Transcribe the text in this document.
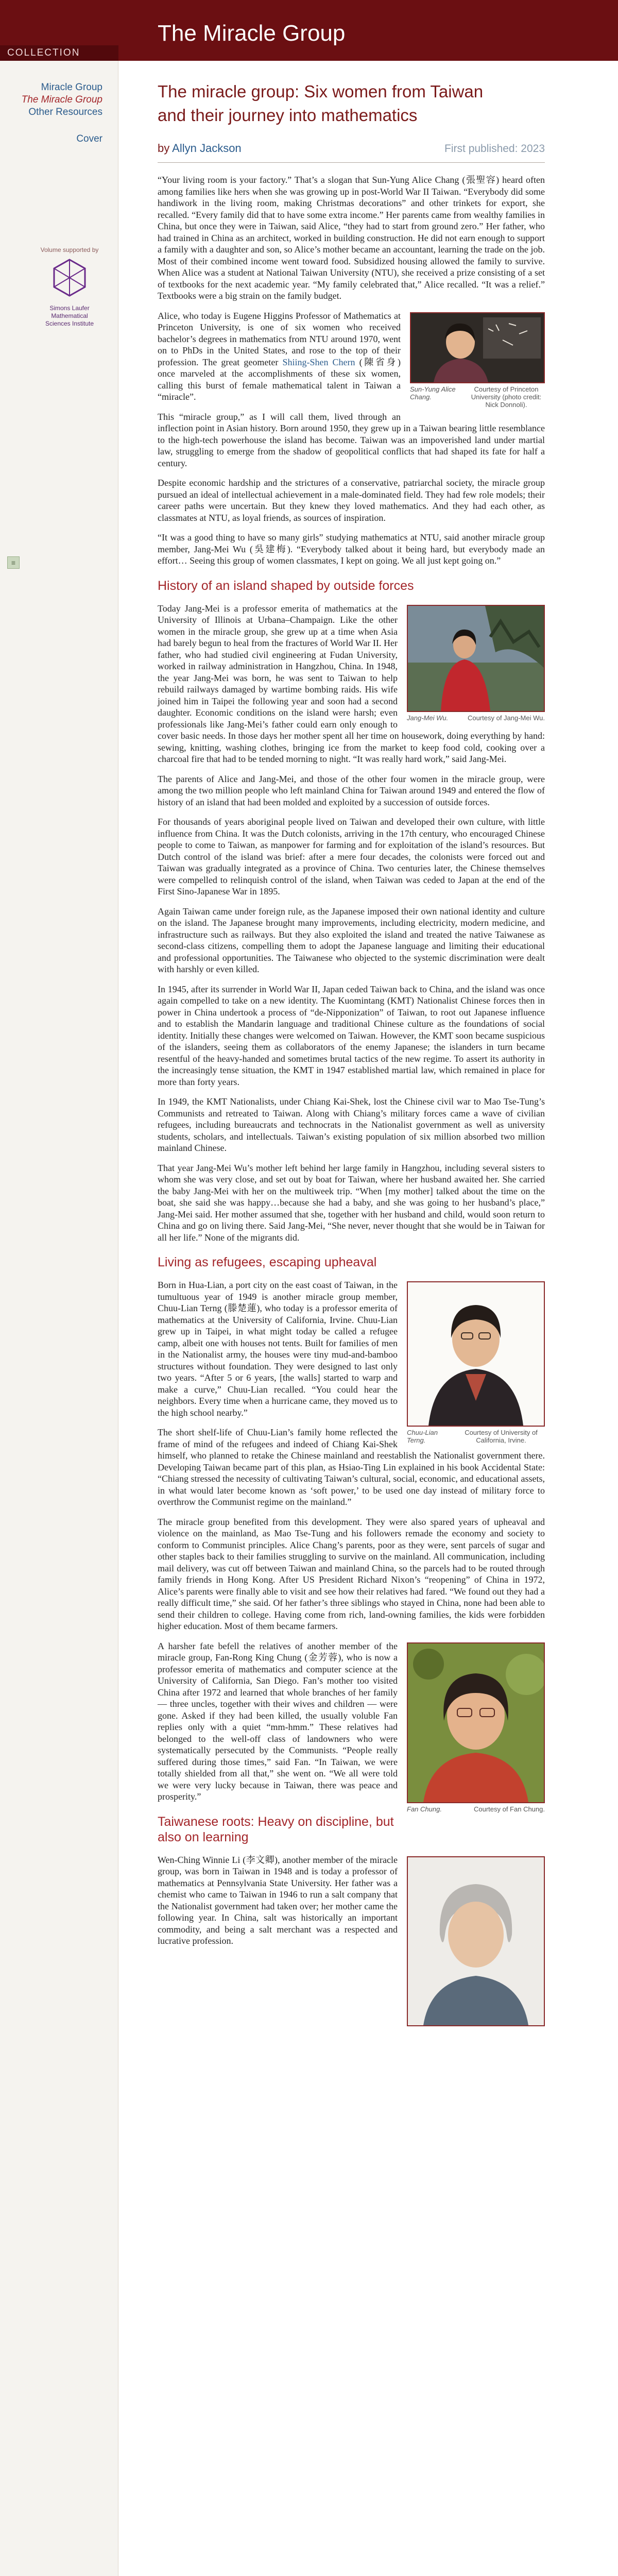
COLLECTION
The Miracle Group
Miracle Group
The Miracle Group
Other Resources
Cover
Volume supported by
Simons Laufer
Mathematical
Sciences Institute
≡
The miracle group: Six women from Taiwan
and their journey into mathematics
by Allyn Jackson	First published: 2023

“Your living room is your factory.” That’s a slogan that Sun-Yung Alice Chang (張聖容) heard often among families like hers when she was growing up in post-World War II Taiwan. “Everybody did some handiwork in the living room, making Christmas decorations” and other trinkets for export, she recalled. “Every family did that to have some extra income.” Her parents came from wealthy families in China, but once they were in Taiwan, said Alice, “they had to start from ground zero.” Her father, who had trained in China as an architect, worked in building construction. He did not earn enough to support a family with a daughter and son, so Alice’s mother became an accountant, learning the trade on the job. Most of their combined income went toward food. Subsidized housing allowed the family to survive. When Alice was a student at National Taiwan University (NTU), she received a prize consisting of a set of textbooks for the next academic year. “My family celebrated that,” Alice recalled. “It was a relief.” Textbooks were a big strain on the family budget.

Sun-Yung Alice Chang.
Courtesy of Princeton University (photo credit: Nick Donnoli).

Alice, who today is Eugene Higgins Professor of Mathematics at Princeton University, is one of six women who received bachelor’s degrees in mathematics from NTU around 1970, went on to PhDs in the United States, and rose to the top of their profession. The great geometer Shiing-Shen Chern (陳省身) once marveled at the accomplishments of these six women, calling this burst of female mathematical talent in Taiwan a “miracle”.

This “miracle group,” as I will call them, lived through an inflection point in Asian history. Born around 1950, they grew up in a Taiwan bearing little resemblance to the high-tech powerhouse the island has become. Taiwan was an impoverished land under martial law, struggling to emerge from the shadow of geopolitical conflicts that had shaped its fate for half a century.

Despite economic hardship and the strictures of a conservative, patriarchal society, the miracle group pursued an ideal of intellectual achievement in a male-dominated field. They had few role models; their career paths were uncertain. But they knew they loved mathematics. And they had each other, as classmates at NTU, as loyal friends, as sources of inspiration.

“It was a good thing to have so many girls” studying mathematics at NTU, said another miracle group member, Jang-Mei Wu (吳建梅). “Everybody talked about it being hard, but everybody made an effort… Seeing this group of women classmates, I kept on going. We all just kept going on.”

History of an island shaped by outside forces
Jang-Mei Wu.	Courtesy of Jang-Mei Wu.

Today Jang-Mei is a professor emerita of mathematics at the University of Illinois at Urbana–Champaign. Like the other women in the miracle group, she grew up at a time when Asia had barely begun to heal from the fractures of World War II. Her father, who had studied civil engineering at Fudan University, worked in railway administration in Hangzhou, China. In 1948, the year Jang-Mei was born, he was sent to Taiwan to help rebuild railways damaged by wartime bombing raids. His wife joined him in Taipei the following year and soon had a second daughter. Economic conditions on the island were harsh; even professionals like Jang-Mei’s father could earn only enough to cover basic needs. In those days her mother spent all her time on housework, doing everything by hand: sewing, knitting, washing clothes, bringing ice from the market to keep food cold, cooking over a charcoal fire that had to be tended morning to night. “It was really hard work,” said Jang-Mei.

The parents of Alice and Jang-Mei, and those of the other four women in the miracle group, were among the two million people who left mainland China for Taiwan around 1949 and entered the flow of history of an island that had been molded and exploited by a succession of outside forces.

For thousands of years aboriginal people lived on Taiwan and developed their own culture, with little influence from China. It was the Dutch colonists, arriving in the 17th century, who encouraged Chinese people to come to Taiwan, as manpower for farming and for exploitation of the island’s resources. But Dutch control of the island was brief: after a mere four decades, the colonists were forced out and Taiwan was gradually integrated as a province of China. Two centuries later, the Chinese themselves were compelled to relinquish control of the island, when Taiwan was ceded to Japan at the end of the First Sino-Japanese War in 1895.

Again Taiwan came under foreign rule, as the Japanese imposed their own national identity and culture on the island. The Japanese brought many improvements, including electricity, modern medicine, and infrastructure such as railways. But they also exploited the island and treated the native Taiwanese as second-class citizens, compelling them to adopt the Japanese language and limiting their educational and professional opportunities. The Taiwanese who objected to the systemic discrimination were dealt with harshly or even killed.

In 1945, after its surrender in World War II, Japan ceded Taiwan back to China, and the island was once again compelled to take on a new identity. The Kuomintang (KMT) Nationalist Chinese forces then in power in China undertook a process of “de-Nipponization” of Taiwan, to root out Japanese influence and to establish the Mandarin language and traditional Chinese culture as the foundations of social identity. Initially these changes were welcomed on Taiwan. However, the KMT soon became suspicious of the islanders, seeing them as collaborators of the enemy Japanese; the islanders in turn became resentful of the heavy-handed and sometimes brutal tactics of the new regime. To assert its authority in the increasingly tense situation, the KMT in 1947 established martial law, which remained in place for more than forty years.

In 1949, the KMT Nationalists, under Chiang Kai-Shek, lost the Chinese civil war to Mao Tse-Tung’s Communists and retreated to Taiwan. Along with Chiang’s military forces came a wave of civilian refugees, including bureaucrats and technocrats in the Nationalist government as well as university students, scholars, and intellectuals. Taiwan’s existing population of six million absorbed two million mainland Chinese.

That year Jang-Mei Wu’s mother left behind her large family in Hangzhou, including several sisters to whom she was very close, and set out by boat for Taiwan, where her husband awaited her. She carried the baby Jang-Mei with her on the multiweek trip. “When [my mother] talked about the time on the boat, she said she was happy…because she had a baby, and she was going to her husband’s place,” Jang-Mei said. Her mother assumed that she, together with her husband and child, would soon return to China and go on living there. Said Jang-Mei, “She never, never thought that she would be in Taiwan for all her life.” None of the migrants did.

Living as refugees, escaping upheaval
Chuu-Lian Terng.
Courtesy of University of California, Irvine.

Born in Hua-Lian, a port city on the east coast of Taiwan, in the tumultuous year of 1949 is another miracle group member, Chuu-Lian Terng (滕楚蓮), who today is a professor emerita of mathematics at the University of California, Irvine. Chuu-Lian grew up in Taipei, in what might today be called a refugee camp, albeit one with houses not tents. Built for families of men in the Nationalist army, the houses were tiny mud-and-bamboo structures without foundation. They were designed to last only two years. “After 5 or 6 years, [the walls] started to warp and make a curve,” Chuu-Lian recalled. “You could hear the neighbors. Every time when a hurricane came, they moved us to the high school nearby.”

The short shelf-life of Chuu-Lian’s family home reflected the frame of mind of the refugees and indeed of Chiang Kai-Shek himself, who planned to retake the Chinese mainland and reestablish the Nationalist government there. Developing Taiwan became part of this plan, as Hsiao-Ting Lin explained in his book Accidental State: “Chiang stressed the necessity of cultivating Taiwan’s cultural, social, economic, and educational assets, in what would later become known as ‘soft power,’ to be used one day instead of military force to overthrow the Communist regime on the mainland.”

The miracle group benefited from this development. They were also spared years of upheaval and violence on the mainland, as Mao Tse-Tung and his followers remade the economy and society to conform to Communist principles. Alice Chang’s parents, poor as they were, sent parcels of sugar and other staples back to their families struggling to survive on the mainland. All communication, including mail delivery, was cut off between Taiwan and mainland China, so the parcels had to be routed through family friends in Hong Kong. After US President Richard Nixon’s “reopening” of China in 1972, Alice’s parents were finally able to visit and see how their relatives had fared. “We found out they had a really difficult time,” she said. Of her father’s three siblings who stayed in China, none had been able to send their children to college. Having come from rich, land-owning families, the kids were forbidden higher education. Most of them became farmers.

Fan Chung.	Courtesy of Fan Chung.

A harsher fate befell the relatives of another member of the miracle group, Fan-Rong King Chung (金芳蓉), who is now a professor emerita of mathematics and computer science at the University of California, San Diego. Fan’s mother too visited China after 1972 and learned that whole branches of her family — three uncles, together with their wives and children — were gone. Asked if they had been killed, the usually voluble Fan replies only with a quiet “mm-hmm.” These relatives had belonged to the well-off class of landowners who were systematically persecuted by the Communists. “People really suffered during those times,” said Fan. “In Taiwan, we were totally shielded from all that,” she went on. “We all were told we were very lucky because in Taiwan, there was peace and prosperity.”

Taiwanese roots: Heavy on discipline, but also on learning

Wen-Ching Winnie Li (李文卿), another member of the miracle group, was born in Taiwan in 1948 and is today a professor of mathematics at Pennsylvania State University. Her father was a chemist who came to Taiwan in 1946 to run a salt company that the Nationalist government had taken over; her mother came the following year. In China, salt was historically an important commodity, and being a salt merchant was a respected and lucrative profession.
